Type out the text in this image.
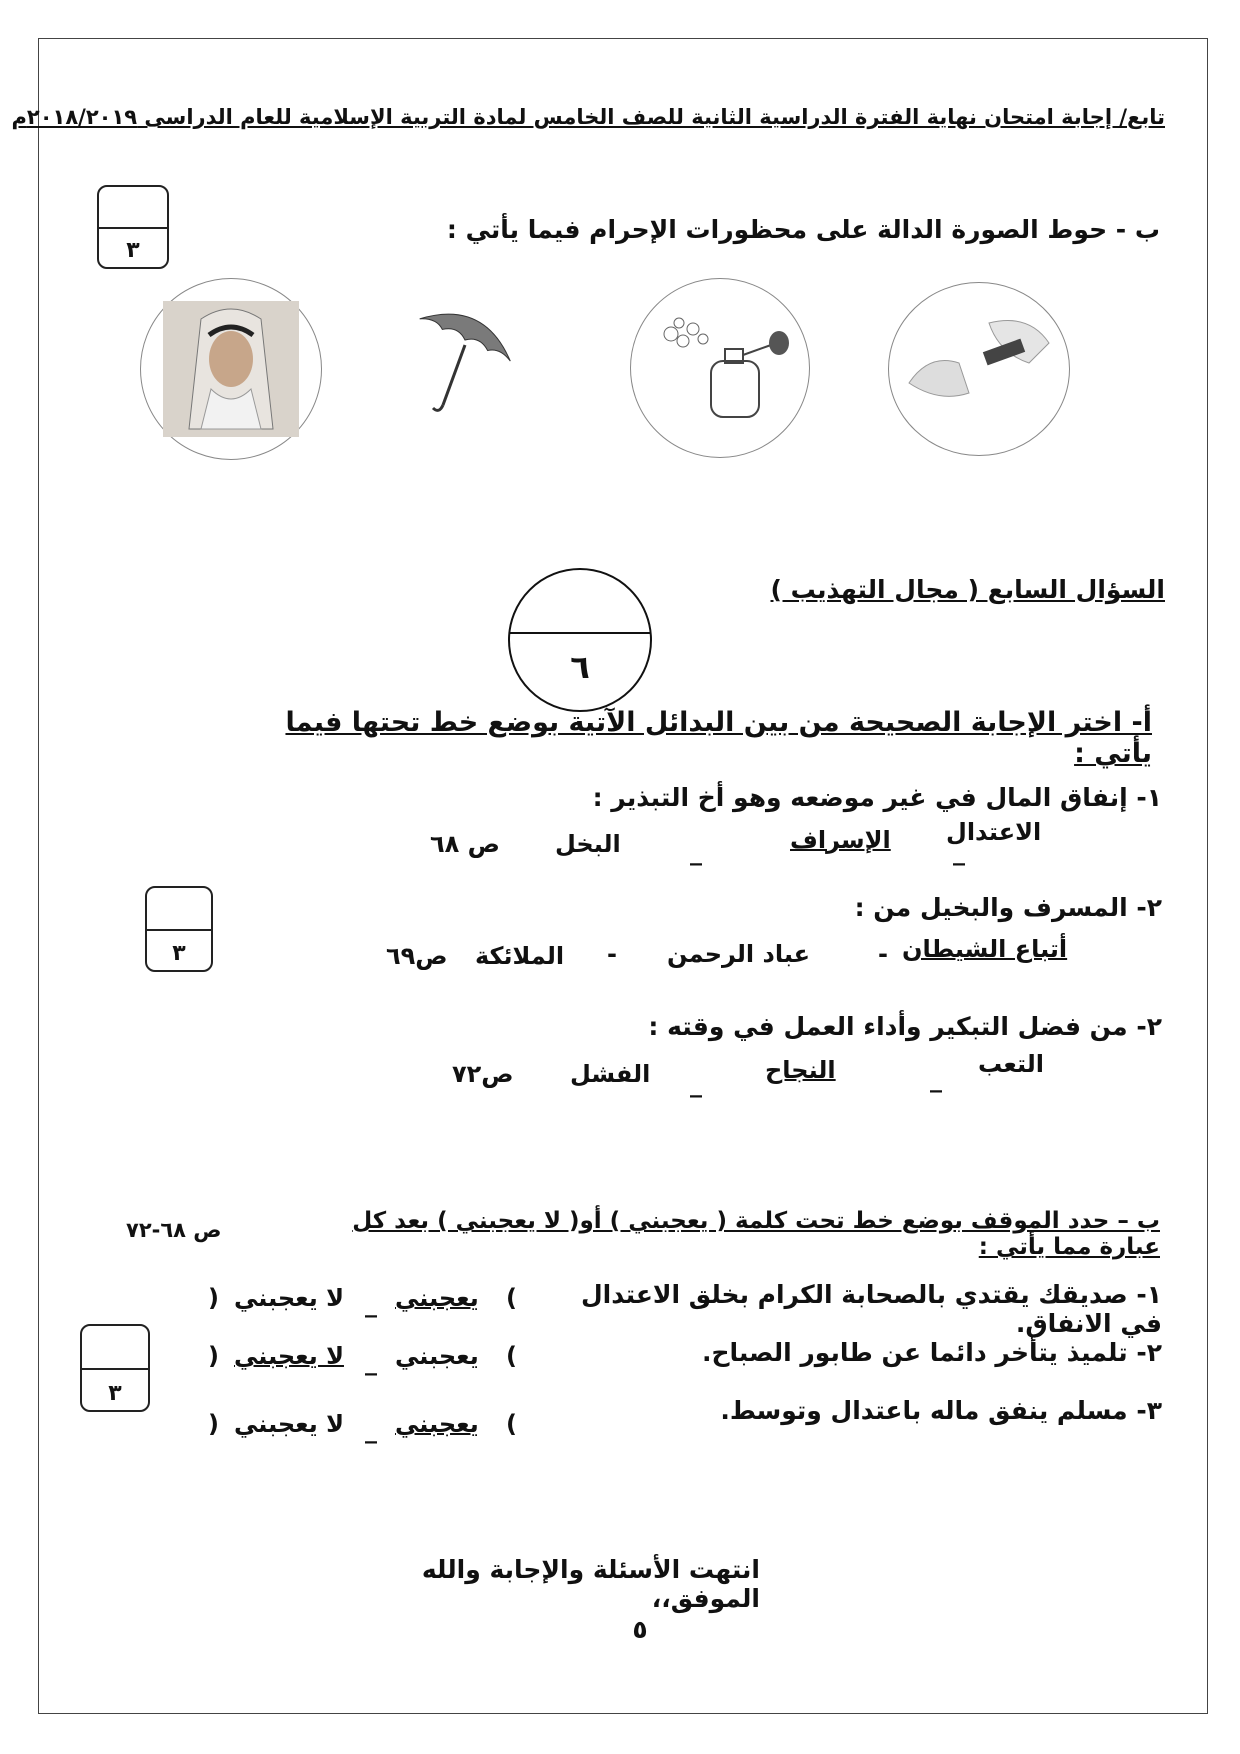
تابع/ إجابة امتحان نهاية الفترة الدراسية الثانية للصف الخامس لمادة التربية الإسلامية للعام الدراسى ٢٠١٨/٢٠١٩م
٣
ب - حوط الصورة الدالة على محظورات الإحرام فيما يأتي :
السؤال السابع ( مجال التهذيب )
٦
أ- اختر الإجابة الصحيحة من بين البدائل الآتية بوضع خط تحتها فيما يأتي :
١- إنفاق المال في غير موضعه وهو أخ التبذير :
الاعتدال
_
الإسراف
_
البخل
ص ٦٨
٣
٢- المسرف والبخيل من :
أتباع الشيطان
-
عباد الرحمن
-
الملائكة
ص٦٩
٢- من فضل التبكير وأداء العمل في وقته :
التعب
_
النجاح
_
الفشل
ص٧٢
ب – حدد الموقف بوضع خط تحت كلمة ( يعجبني ) أو( لا يعجبني ) بعد كل عبارة مما يأتي :
ص ٦٨-٧٢
٣
١- صديقك يقتدي بالصحابة الكرام بخلق الاعتدال في الانفاق.
(
يعجبني
_
لا يعجبني
)
٢- تلميذ يتأخر دائما عن طابور الصباح.
(
يعجبني
_
لا يعجبني
)
٣- مسلم ينفق ماله باعتدال وتوسط.
(
يعجبني
_
لا يعجبني
)
انتهت الأسئلة والإجابة والله الموفق،،
٥
